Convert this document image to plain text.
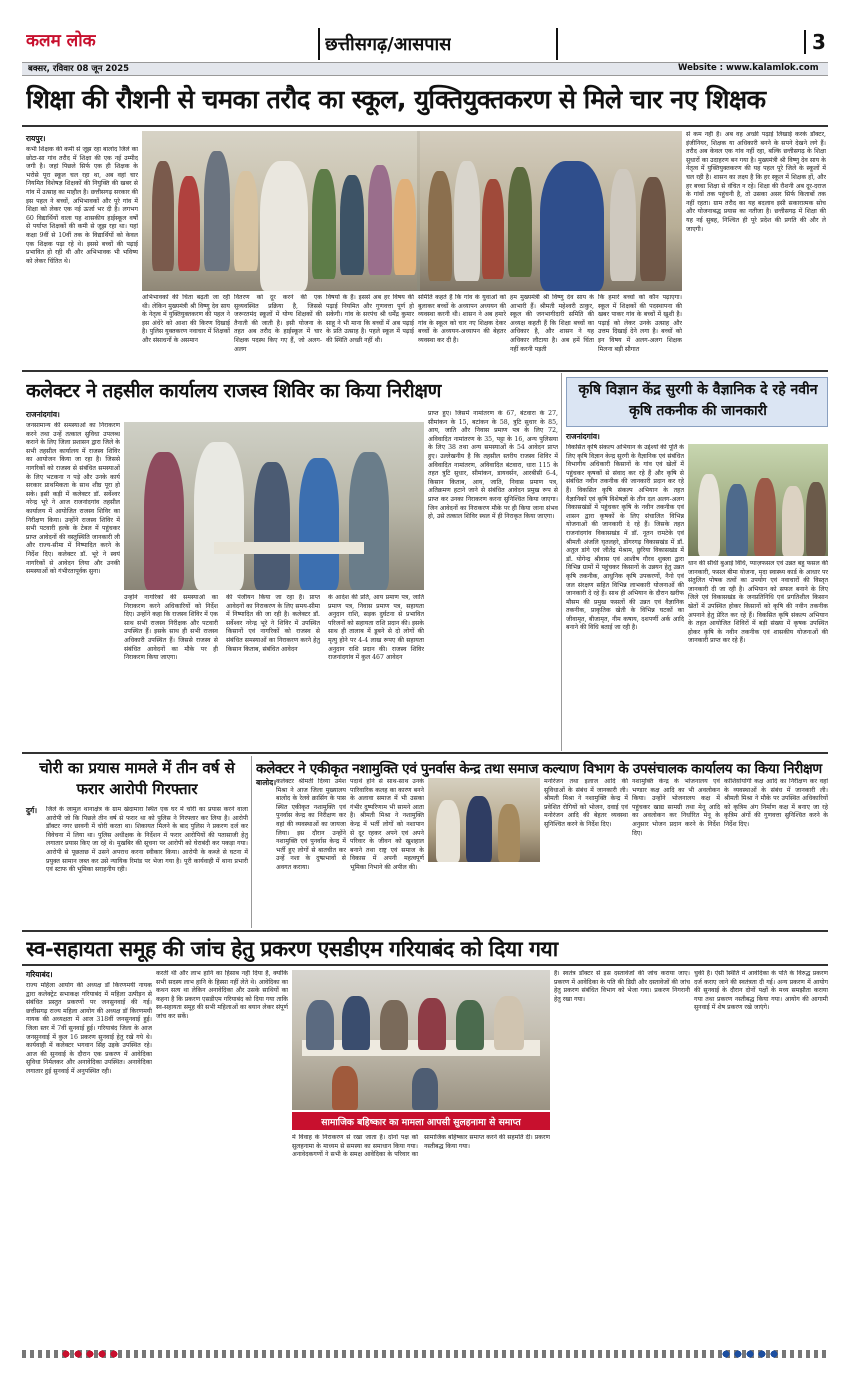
कलम लोक	छत्तीसगढ़/आसपास	3
बक्सर, रविवार 08 जून 2025	Website : www.kalamlok.com
शिक्षा की रौशनी से चमका तरौद का स्कूल, युक्तियुक्तकरण से मिले चार नए शिक्षक
रायपुर।
कभी शिक्षक की कमी से जूझ रहा बालोद जिले का छोटा-सा गांव तरौद में शिक्षा की एक नई उम्मीद जगी है। जहां पिछले सिर्फ एक ही शिक्षक के भरोसे पूरा स्कूल चल रहा था, अब वहां चार नियमित विशेषज्ञ शिक्षकों की नियुक्ति की खबर से गांव में उत्साह का माहौल है। छत्तीसगढ़ सरकार की इस पहल ने बच्चों, अभिभावकों और पूरे गांव में शिक्षा को लेकर एक नई ऊर्जा भर दी है। लगभग 60 विद्यार्थियों वाला यह शासकीय हाईस्कूल वर्षों से पर्याप्त शिक्षकों की कमी से जूझ रहा था। यहां कक्षा 9वीं से 10वीं तक के विद्यार्थियों को केवल एक शिक्षक पढ़ा रहे थे। इससे बच्चों की पढ़ाई प्रभावित हो रही थी और अभिभावक भी भविष्य को लेकर चिंतित थे।
अभिभावकों की चिंता बढ़ती जा रही थी। लेकिन मुख्यमंत्री श्री विष्णु देव साय के नेतृत्व में युक्तियुक्तकरण की पहल ने इस अंधेरे को आशा की किरण दिखाई है। पुलिस युक्तकरण नवाचार में शिक्षकों और संसाधनों के असमान
वितरण को दूर करने की एक सुव्यवस्थित प्रक्रिया है, जिससे जरूरतमंद स्कूलों में योग्य शिक्षकों की तैनाती की जाती है। इसी योजना के तहत अब तरौद के हाईस्कूल में चार शिक्षक पदस्थ किए गए हैं, जो अलग-अलग
विषयों के हैं। इससे अब हर विषय की पढ़ाई नियमित और गुणवत्ता पूर्ण हो सकेगी। गांव के सरपंच श्री धर्मेंद्र कुमार साहू ने भी माना कि बच्चों में अब पढ़ाई के प्रति उत्साह है। पहले स्कूल में पढ़ाई की स्थिति अच्छी नहीं थी।
समिति कहते हैं कि गांव के युवाओं को बुलाकर बच्चों के अध्यापन अध्ययन की व्यवस्था करनी थी। शासन ने अब हमारे गांव के स्कूल को चार नए शिक्षक देकर बच्चों के अध्ययन-अध्यापन की बेहतर व्यवस्था कर दी है।
हम मुख्यमंत्री श्री विष्णु देव साय के आभारी हैं। श्रीमती महेश्वरी ठाकुर, स्कूल की जनभागीदारी समिति की अध्यक्ष कहती हैं कि शिक्षा बच्चों का अधिकार है, और शासन ने यह अधिकार लौटाया है। अब हमें चिंता नहीं करनी पड़ती
कि हमारे बच्चों को कौन पढ़ाएगा। स्कूल में शिक्षकों की पदस्थापना की खबर पाकर गांव के बच्चों में खुशी है। पढ़ाई को लेकर उनके उत्साह और उत्तम दिखाई देने लगा है। बच्चों को इन विषय में अलग-अलग शिक्षक मिलना बड़ी सौगात
से कम नहीं है। अब वह अच्छी पढ़ाई लिखाई करके डॉक्टर, इंजीनियर, शिक्षक या अधिकारी बनने के सपने देखने लगे हैं। तरौद अब केवल एक गांव नहीं रहा, बल्कि छत्तीसगढ़ के शिक्षा सुधारों का उदाहरण बन गया है। मुख्यमंत्री श्री विष्णु देव साय के नेतृत्व में युक्तियुक्तकरण की यह पहल पूरे जिले के स्कूलों में चल रही है। शासन का लक्ष्य है कि हर स्कूल में शिक्षक हों, और हर बच्चा शिक्षा से वंचित न रहे। शिक्षा की रौशनी अब दूर-दराज के गांवों तक पहुंचनी है, तो उसका असर सिर्फ किताबों तक नहीं रहता। ग्राम तरौद का यह बदलाव इसी सकारात्मक सोच और योजनाबद्ध प्रयास का नतीजा है। छत्तीसगढ़ में शिक्षा की यह नई सुबह, निश्चित ही पूरे प्रदेश की प्रगति की और ले जाएगी।
कलेक्टर ने तहसील कार्यालय राजस्व शिविर का किया निरीक्षण
राजनांदगांव।
जनसामान्य की समस्याओं का निराकरण करने तथा उन्हें तत्काल सुविधा उपलब्ध कराने के लिए जिला प्रशासन द्वारा जिले के सभी तहसील कार्यालय में राजस्व शिविर का आयोजन किया जा रहा है। जिससे नागरिकों को राजस्व से संबंधित समस्याओं के लिए भटकना न पड़े और उनके कार्य सरकार प्राथमिकता के साथ शीघ्र पूरा हो सके। इसी कड़ी में कलेक्टर डॉ. सर्वेश्वर नरेन्द्र भूरे ने आज राजनांदगांव तहसील कार्यालय में आयोजित राजस्व शिविर का निरीक्षण किया। उन्होंने राजस्व शिविर में सभी पटवारी हल्के के टेबल में पहुंचकर प्राप्त आवेदनों की वस्तुस्थिति जानकारी ली और राज्य-सीमा में निष्पादित करने के निर्देश दिए। कलेक्टर डॉ. भूरे ने स्वयं नागरिकों से आवेदन लिया और उनकी समस्याओं को गंभीरतापूर्वक सुना।
उन्होंने नागरिकों की समस्याओं का निराकरण करने अधिकारियों को निर्देश दिए। उन्होंने कहा कि राजस्व शिविर में एक साथ सभी राजस्व निरीक्षक और पटवारी उपस्थित हैं। इसके साथ ही सभी राजस्व अधिकारी उपस्थित हैं। जिससे राजस्व से संबंधित आवेदनों का मौके पर ही निराकरण किया जाएगा।
की पंजीयन किया जा रहा है। प्राप्त आवेदनों का निराकरण के लिए समय-सीमा में निष्पादित की जा रही है। कलेक्टर डॉ. सर्वेश्वर नरेन्द्र भूरे ने शिविर में उपस्थित किसानों एवं नागरिकों को राजस्व से संबंधित समस्याओं का निराकरण करने हेतु किसान किताब, संबंधित आवेदन
के आदेश की प्रति, आय प्रमाण पत्र, जाति प्रमाण पत्र, निवास प्रमाण पत्र, सहायता अनुदान राशि, सड़क दुर्घटना से प्रभावित परिजनों को सहायता राशि प्रदान की। इसके साथ ही तालाब में डूबने से दो लोगों की मृत्यु होने पर 4-4 लाख रूपए की सहायता अनुदान राशि प्रदान की। राजस्व शिविर राजनांदगांव में कुल 467 आवेदन
प्राप्त हुए। जिसमें नामांतरण के 67, बंटवारा के 27, सीमांकन के 15, बटांकन के 58, त्रुटि सुधार के 85, आय, जाति और निवास प्रमाण पत्र के लिए 72, अविवादित नामांतरण के 35, पट्टा के 16, अन्य पुलिसया के लिए 38 तथा अन्य समस्याओं के 54 आवेदन प्राप्त हुए। उल्लेखनीय है कि तहसील स्तरीय राजस्व शिविर में अविवादित नामांतरण, अविवादित बंटवारा, धारा 115 के तहत त्रुटि सुधार, सीमांकन, डायवर्सन, आरबीसी 6-4, किसान किताब, आय, जाति, निवास प्रमाण पत्र, अतिक्रमण हटाने जाने से संबंधित आवेदन प्रमुख रूप से प्राप्त कर उनका निराकरण करना सुनिश्चित किया जाएगा। जिन आवेदनों का निराकरण मौके पर ही किया जाना संभव हो, उसे तत्काल शिविर स्थल में ही निराकृत किया जाएगा।
कृषि विज्ञान केंद्र सुरगी के वैज्ञानिक दे रहे नवीन कृषि तकनीक की जानकारी
राजनांदगांव।
विकसित कृषि संकल्प अभियान के उद्देश्यों की पूर्ति के लिए कृषि विज्ञान केन्द्र सुरगी के वैज्ञानिक एवं संबंधित विभागीय अधिकारी किसानों के गांव एवं खेतों में पहुंचकर कृषकों से संवाद कर रहे हैं और कृषि से संबंधित नवीन तकनीक की जानकारी प्रदान कर रहे हैं। विकसित कृषि संकल्प अभियान के तहत वैज्ञानिकों एवं कृषि विशेषज्ञों के तीन दल अलग-अलग विकासखंडों में पहुंचकर कृषि के नवीन तकनीक एवं शासन द्वारा कृषकों के लिए संचालित विभिन्न योजनाओं की जानकारी दे रहे हैं। जिसके तहत राजनांदगांव विकासखंड में डॉ. नूतन रामटेके एवं श्रीमती अंजलि घृतलहरे, डोंगरगढ़ विकासखंड में डॉ. अतुल डांगे एवं जीतेंद्र मेश्राम, छुरिया विकासखंड में डॉ. योगेन्द्र श्रीवास एवं आशीष गौरव शुक्ला द्वारा विभिन्न ग्रामों में पहुंचकर किसानों के उन्नयन हेतु उन्नत कृषि तकनीक, आधुनिक कृषि उपकरणों, नैनो एवं जल संरक्षण सहित विभिन्न लाभकारी योजनाओं की जानकारी दे रहे हैं। साथ ही अभियान के दौरान खरीफ मौसम की प्रमुख फसलों की उन्नत एवं वैज्ञानिक तकनीक, प्राकृतिक खेती के विभिन्न घटकों का जीवामृत, बीजामृत, नीम कषाय, दशपर्णी अर्क आदि बनाने की विधि बताई जा रही है।
धान की सीधी बुआई विधि, प्याज़फसल एवं उन्नत बहु फसल की जानकारी, फसल बीमा योजना, मृदा स्वास्थ्य कार्ड के आधार पर संतुलित पोषक तत्वों का उपयोग एवं नवाचारों की विस्तृत जानकारी दी जा रही है। अभियान को सफल बनाने के लिए जिले एवं विकासखंड के जनप्रतिनिधि एवं प्रगतिशील किसान खेतों में उपस्थित होकर किसानों को कृषि की नवीन तकनीक अपनाने हेतु प्रेरित कर रहे हैं। विकसित कृषि संकल्प अभियान के तहत आयोजित शिविरों में बड़ी संख्या में कृषक उपस्थित होकर कृषि के नवीन तकनीक एवं शासकीय योजनाओं की जानकारी प्राप्त कर रहे हैं।
चोरी का प्रयास मामले में तीन वर्ष से फरार आरोपी गिरफ्तार
दुर्ग। जिले के जामुल थानाक्षेत्र के ग्राम खेदामारा स्थित एक घर में चोरी का प्रयास करने वाला आरोपी जो कि पिछले तीन वर्ष से फरार था को पुलिस ने गिरफ्तार कर लिया है। आरोपी डॉक्टर नगर छावनी में चोरी करता था। शिकायत मिलने के बाद पुलिस ने प्रकरण दर्ज कर विवेचना में लिया था। पुलिस अधीक्षक के निर्देशन में फरार आरोपियों की पतासाजी हेतु लगातार प्रयास किए जा रहे थे। मुखबिर की सूचना पर आरोपी को घेराबंदी कर पकड़ा गया। आरोपी से पूछताछ में उसने अपराध करना स्वीकार किया। आरोपी के कब्जे से घटना में प्रयुक्त सामान जब्त कर उसे न्यायिक रिमांड पर भेजा गया है। पूरी कार्यवाही में थाना प्रभारी एवं स्टाफ की भूमिका सराहनीय रही।
कलेक्टर ने एकीकृत नशामुक्ति एवं पुनर्वास केन्द्र तथा समाज कल्याण विभाग के उपसंचालक कार्यालय का किया निरीक्षण
बालोद। कलेक्टर श्रीमती दिव्या उमेश मिश्रा ने आज जिला मुख्यालय बालोद के रेलवे क्रासिंग के पास स्थित एकीकृत नशामुक्ति एवं पुनर्वास केन्द्र का निरीक्षण कर वहां की व्यवस्थाओं का जायजा लिया। इस दौरान उन्होंने नशामुक्ति एवं पुनर्वास केन्द्र में भर्ती हुए लोगों से बातचीत कर उन्हें नशा के दुष्प्रभावों से अवगत कराया।
पदार्थ होने से साथ-साथ उनके पारिवारिक कलह का कारण बनने के अलावा समाज में भी उसका गंभीर दुष्परिणाम भी सामने आता है। श्रीमती मिश्रा ने नशामुक्ति केन्द्र में भर्ती लोगों को नशापान से दूर रहकर अपने एवं अपने परिवार के जीवन को खुशहाल बनाने तथा राष्ट्र एवं समाज के विकास में अपनी महत्वपूर्ण भूमिका निभाने की अपील की।
मनोरंजन तथा इलाज आदि की सुविधाओं के संबंध में जानकारी ली। श्रीमती मिश्रा ने नशामुक्ति केन्द्र में प्रवेशित रोगियों को भोजन, दवाई एवं मनोरंजन आदि की बेहतर व्यवस्था सुनिश्चित करने के निर्देश दिए।
नशामुक्ति केन्द्र के भोजनालय एवं भण्डार कक्ष आदि का भी अवलोकन किया। उन्होंने भोजनालय कक्ष में पहुंचकर खाद्य सामग्री तथा मेनू आदि का अवलोकन कर निर्धारित मेनू के अनुसार भोजन प्रदान करने के निर्देश दिए।
कोशिय़ोंयोंगी कक्ष आदि का निरीक्षण कर वहां के व्यवस्थाओं के संबंध में जानकारी ली। श्रीमती मिश्रा ने मौके पर उपस्थित अधिकारियों को कृत्रिम अंग निर्माण कक्ष में बनाए जा रहे कृत्रिम अंगों की गुणवत्ता सुनिश्चित करने के निर्देश दिए।
स्व-सहायता समूह की जांच हेतु प्रकरण एसडीएम गरियाबंद को दिया गया
गरियाबंद।
राज्य महिला आयोग की अध्यक्ष डॉ किरणमयी नायक द्वारा कलेक्ट्रेट सभाकक्ष गरियाबंद में महिला उत्पीड़न से संबंधित प्रस्तुत प्रकरणों पर जनसुनवाई की गई। छत्तीसगढ़ राज्य महिला आयोग की अध्यक्ष डॉ किरणमयी नायक की अध्यक्षता में आज 318वीं जनसुनवाई हुई। जिला स्तर में 7वीं सुनवाई हुई। गरियाबंद जिला के आज जनसुनवाई में कुल 16 प्रकरण सुनवाई हेतु रखे गये थे। कार्यवाही में कलेक्टर भगवान सिंह उइके उपस्थित रहे। आज की सुनवाई के दौरान एक प्रकरण में आवेदिका सुविधा निर्मलकर और अनावेदिका उपस्थित। अनावेदिका लगातार हुई सुनवाई में अनुपस्थित रही।
करती थी और लाभ हानि का हिसाब नहीं दिया है, क्योंकि सभी सदस्य लाभ हानि के हिस्सा नहीं लेते थे। आवेदिका का कथन सत्य था लेकिन अनावेदिका और उसके साथियों का कहना है कि प्रकरण एसडीएम गरियाबंद को दिया गया ताकि स्व-सहायता समूह की सभी महिलाओं का बयान लेकर संपूर्ण जांच कर सकें।
सामाजिक बहिष्कार का मामला आपसी सुलहनामा से समाप्त
में विवाह के निराकरण से रखा जाता है। दोनों पक्ष को सुलहनामा के माध्यम से समस्या का समाधान किया गया। अनावेदकगणों ने सभी के समक्ष आवेदिका के परिवार का सामाजिक बहिष्कार समाप्त करने की सहमति दी। प्रकरण नस्तीबद्ध किया गया।
है। स्वतंत्र डॉक्टर से इस दस्तावेजों की जांच कराया जाए। प्रकरण में आवेदिका के पति की डिग्री और दस्तावेजों की जांच हेतु प्रकरण संबंधित विभाग को भेजा गया। प्रकरण निगरानी हेतु रखा गया।
चुकी है। ऐसी स्थिति में आवेदिका के पति के विरुद्ध प्रकरण दर्ज कराए जाने की स्वतंत्रता दी गई। अन्य प्रकरण में आयोग की सुनवाई के दौरान दोनों पक्षों के मध्य समझौता कराया गया तथा प्रकरण नस्तीबद्ध किया गया। आयोग की आगामी सुनवाई में शेष प्रकरण रखे जाएंगे।
